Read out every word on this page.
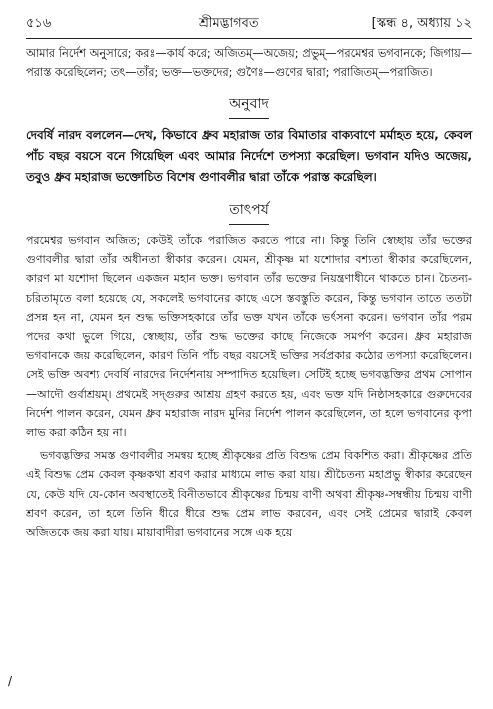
৫১৬	শ্রীমদ্ভাগবত	[স্কন্ধ ৪, অধ্যায় ১২
আমার নির্দেশ অনুসারে; করঃ—কার্য করে; অজিতম্—অজেয়; প্রভুম্—পরমেশ্বর ভগবানকে; জিগায়—পরাস্ত করেছিলেন; তৎ—তাঁর; ভক্ত—ভক্তদের; গুণৈঃ—গুণের দ্বারা; পরাজিতম্—পরাজিত।
অনুবাদ
দেবর্ষি নারদ বললেন—দেখ, কিভাবে ধ্রুব মহারাজ তার বিমাতার বাক্যবাণে মর্মাহত হয়ে, কেবল পাঁচ বছর বয়সে বনে গিয়েছিল এবং আমার নির্দেশে তপস্যা করেছিল। ভগবান যদিও অজেয়, তবুও ধ্রুব মহারাজ ভক্তোচিত বিশেষ গুণাবলীর দ্বারা তাঁকে পরাস্ত করেছিল।
তাৎপর্য

পরমেশ্বর ভগবান অজিত; কেউই তাঁকে পরাজিত করতে পারে না। কিন্তু তিনি স্বেচ্ছায় তাঁর ভক্তের গুণাবলীর দ্বারা তাঁর অধীনতা স্বীকার করেন। যেমন, শ্রীকৃষ্ণ মা যশোদার বশ্যতা স্বীকার করেছিলেন, কারণ মা যশোদা ছিলেন একজন মহান ভক্ত। ভগবান তাঁর ভক্তের নিয়ন্ত্রণাধীনে থাকতে চান। চৈতন্য-চরিতামৃতে বলা হয়েছে যে, সকলেই ভগবানের কাছে এসে স্তবস্তুতি করেন, কিন্তু ভগবান তাতে ততটা প্রসন্ন হন না, যেমন হন শুদ্ধ ভক্তিসহকারে তাঁর ভক্ত যখন তাঁকে ভর্ৎসনা করেন। ভগবান তাঁর পরম পদের কথা ভুলে গিয়ে, স্বেচ্ছায়, তাঁর শুদ্ধ ভক্তের কাছে নিজেকে সমর্পণ করেন। ধ্রুব মহারাজ ভগবানকে জয় করেছিলেন, কারণ তিনি পাঁচ বছর বয়সেই ভক্তির সর্বপ্রকার কঠোর তপস্যা করেছিলেন। সেই ভক্তি অবশ্য দেবর্ষি নারদের নির্দেশনায় সম্পাদিত হয়েছিল। সেটিই হচ্ছে ভগবদ্ভক্তির প্রথম সোপান—আদৌ গুর্বাশ্রয়ম্। প্রথমেই সদ্গুরুর আশ্রয় গ্রহণ করতে হয়, এবং ভক্ত যদি নিষ্ঠাসহকারে গুরুদেবের নির্দেশ পালন করেন, যেমন ধ্রুব মহারাজ নারদ মুনির নির্দেশ পালন করেছিলেন, তা হলে ভগবানের কৃপা লাভ করা কঠিন হয় না।

ভগবদ্ভক্তির সমস্ত গুণাবলীর সমন্বয় হচ্ছে শ্রীকৃষ্ণের প্রতি বিশুদ্ধ প্রেম বিকশিত করা। শ্রীকৃষ্ণের প্রতি এই বিশুদ্ধ প্রেম কেবল কৃষ্ণকথা শ্রবণ করার মাধ্যমে লাভ করা যায়। শ্রীচৈতন্য মহাপ্রভু স্বীকার করেছেন যে, কেউ যদি যে-কোন অবস্থাতেই বিনীতভাবে শ্রীকৃষ্ণের চিন্ময় বাণী অথবা শ্রীকৃষ্ণ-সম্বন্ধীয় চিন্ময় বাণী শ্রবণ করেন, তা হলে তিনি ধীরে ধীরে শুদ্ধ প্রেম লাভ করবেন, এবং সেই প্রেমের দ্বারাই কেবল অজিতকে জয় করা যায়। মায়াবাদীরা ভগবানের সঙ্গে এক হয়ে

/
